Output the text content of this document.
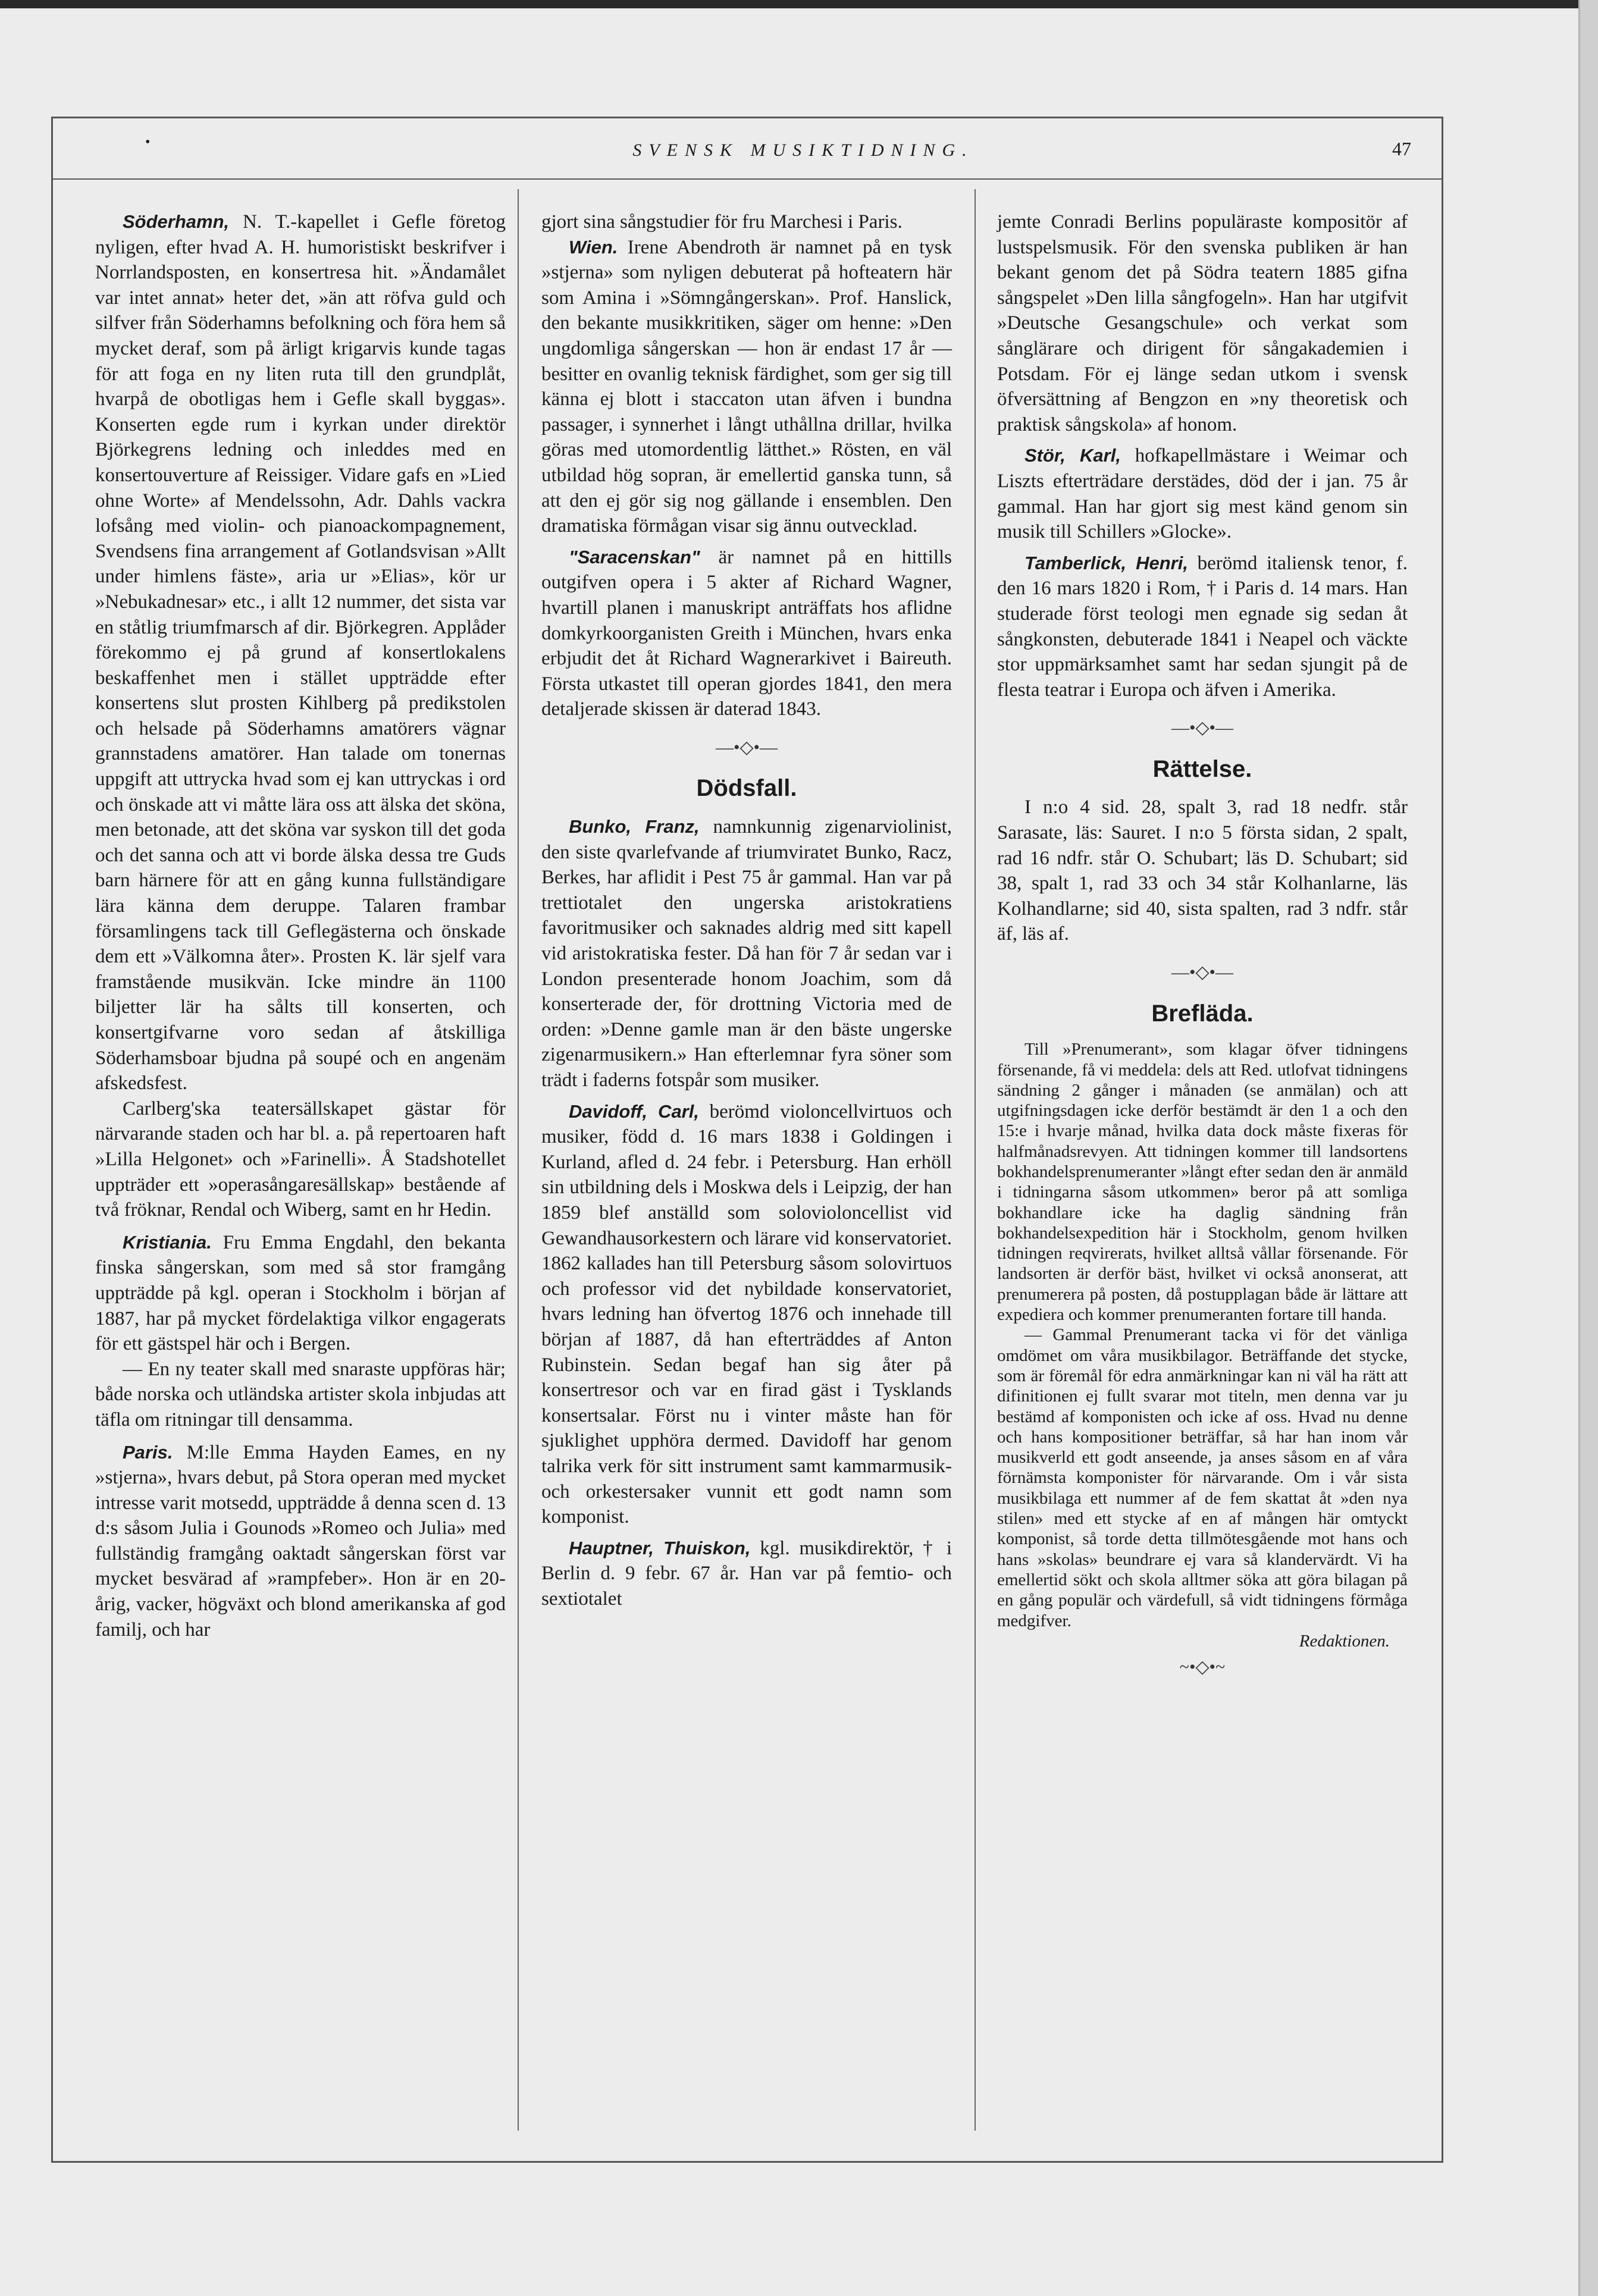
•	SVENSK MUSIKTIDNING.	47

Söderhamn, N. T.-kapellet i Gefle företog nyligen, efter hvad A. H. humoristiskt beskrifver i Norrlandsposten, en konsertresa hit. »Ändamålet var intet annat» heter det, »än att röfva guld och silfver från Söderhamns befolkning och föra hem så mycket deraf, som på ärligt krigarvis kunde tagas för att foga en ny liten ruta till den grundplåt, hvarpå de obotligas hem i Gefle skall byggas». Konserten egde rum i kyrkan under direktör Björkegrens ledning och inleddes med en konsertouverture af Reissiger. Vidare gafs en »Lied ohne Worte» af Mendelssohn, Adr. Dahls vackra lofsång med violin- och pianoackompagnement, Svendsens fina arrangement af Gotlandsvisan »Allt under himlens fäste», aria ur »Elias», kör ur »Nebukadnesar» etc., i allt 12 nummer, det sista var en ståtlig triumfmarsch af dir. Björkegren. Applåder förekommo ej på grund af konsertlokalens beskaffenhet men i stället uppträdde efter konsertens slut prosten Kihlberg på predikstolen och helsade på Söderhamns amatörers vägnar grannstadens amatörer. Han talade om tonernas uppgift att uttrycka hvad som ej kan uttryckas i ord och önskade att vi måtte lära oss att älska det sköna, men betonade, att det sköna var syskon till det goda och det sanna och att vi borde älska dessa tre Guds barn härnere för att en gång kunna fullständigare lära känna dem deruppe. Talaren frambar församlingens tack till Geflegästerna och önskade dem ett »Välkomna åter». Prosten K. lär sjelf vara framstående musikvän. Icke mindre än 1100 biljetter lär ha sålts till konserten, och konsertgifvarne voro sedan af åtskilliga Söderhamsboar bjudna på soupé och en angenäm afskedsfest.

Carlberg'ska teatersällskapet gästar för närvarande staden och har bl. a. på repertoaren haft »Lilla Helgonet» och »Farinelli». Å Stadshotellet uppträder ett »operasångaresällskap» bestående af två fröknar, Rendal och Wiberg, samt en hr Hedin.

Kristiania. Fru Emma Engdahl, den bekanta finska sångerskan, som med så stor framgång uppträdde på kgl. operan i Stockholm i början af 1887, har på mycket fördelaktiga vilkor engagerats för ett gästspel här och i Bergen.

— En ny teater skall med snaraste uppföras här; både norska och utländska artister skola inbjudas att täfla om ritningar till densamma.

Paris. M:lle Emma Hayden Eames, en ny »stjerna», hvars debut, på Stora operan med mycket intresse varit motsedd, uppträdde å denna scen d. 13 d:s såsom Julia i Gounods »Romeo och Julia» med fullständig framgång oaktadt sångerskan först var mycket besvärad af »rampfeber». Hon är en 20-årig, vacker, högväxt och blond amerikanska af god familj, och har

gjort sina sångstudier för fru Marchesi i Paris.

Wien. Irene Abendroth är namnet på en tysk »stjerna» som nyligen debuterat på hofteatern här som Amina i »Sömngångerskan». Prof. Hanslick, den bekante musikkritiken, säger om henne: »Den ungdomliga sångerskan — hon är endast 17 år — besitter en ovanlig teknisk färdighet, som ger sig till känna ej blott i staccaton utan äfven i bundna passager, i synnerhet i långt uthållna drillar, hvilka göras med utomordentlig lätthet.» Rösten, en väl utbildad hög sopran, är emellertid ganska tunn, så att den ej gör sig nog gällande i ensemblen. Den dramatiska förmågan visar sig ännu outvecklad.

"Saracenskan" är namnet på en hittills outgifven opera i 5 akter af Richard Wagner, hvartill planen i manuskript anträffats hos aflidne domkyrkoorganisten Greith i München, hvars enka erbjudit det åt Richard Wagnerarkivet i Baireuth. Första utkastet till operan gjordes 1841, den mera detaljerade skissen är daterad 1843.

—•◇•—
Dödsfall.

Bunko, Franz, namnkunnig zigenarviolinist, den siste qvarlefvande af triumviratet Bunko, Racz, Berkes, har aflidit i Pest 75 år gammal. Han var på trettiotalet den ungerska aristokratiens favoritmusiker och saknades aldrig med sitt kapell vid aristokratiska fester. Då han för 7 år sedan var i London presenterade honom Joachim, som då konserterade der, för drottning Victoria med de orden: »Denne gamle man är den bäste ungerske zigenarmusikern.» Han efterlemnar fyra söner som trädt i faderns fotspår som musiker.

Davidoff, Carl, berömd violoncellvirtuos och musiker, född d. 16 mars 1838 i Goldingen i Kurland, afled d. 24 febr. i Petersburg. Han erhöll sin utbildning dels i Moskwa dels i Leipzig, der han 1859 blef anställd som solovioloncellist vid Gewandhausorkestern och lärare vid konservatoriet. 1862 kallades han till Petersburg såsom solovirtuos och professor vid det nybildade konservatoriet, hvars ledning han öfvertog 1876 och innehade till början af 1887, då han efterträddes af Anton Rubinstein. Sedan begaf han sig åter på konsertresor och var en firad gäst i Tysklands konsertsalar. Först nu i vinter måste han för sjuklighet upphöra dermed. Davidoff har genom talrika verk för sitt instrument samt kammarmusik- och orkestersaker vunnit ett godt namn som komponist.

Hauptner, Thuiskon, kgl. musikdirektör, † i Berlin d. 9 febr. 67 år. Han var på femtio- och sextiotalet

jemte Conradi Berlins populäraste kompositör af lustspelsmusik. För den svenska publiken är han bekant genom det på Södra teatern 1885 gifna sångspelet »Den lilla sångfogeln». Han har utgifvit »Deutsche Gesangschule» och verkat som sånglärare och dirigent för sångakademien i Potsdam. För ej länge sedan utkom i svensk öfversättning af Bengzon en »ny theoretisk och praktisk sångskola» af honom.

Stör, Karl, hofkapellmästare i Weimar och Liszts efterträdare derstädes, död der i jan. 75 år gammal. Han har gjort sig mest känd genom sin musik till Schillers »Glocke».

Tamberlick, Henri, berömd italiensk tenor, f. den 16 mars 1820 i Rom, † i Paris d. 14 mars. Han studerade först teologi men egnade sig sedan åt sångkonsten, debuterade 1841 i Neapel och väckte stor uppmärksamhet samt har sedan sjungit på de flesta teatrar i Europa och äfven i Amerika.

—•◇•—
Rättelse.

I n:o 4 sid. 28, spalt 3, rad 18 nedfr. står Sarasate, läs: Sauret. I n:o 5 första sidan, 2 spalt, rad 16 ndfr. står O. Schubart; läs D. Schubart; sid 38, spalt 1, rad 33 och 34 står Kolhanlarne, läs Kolhandlarne; sid 40, sista spalten, rad 3 ndfr. står äf, läs af.

—•◇•—
Brefläda.

Till »Prenumerant», som klagar öfver tidningens försenande, få vi meddela: dels att Red. utlofvat tidningens sändning 2 gånger i månaden (se anmälan) och att utgifningsdagen icke derför bestämdt är den 1 a och den 15:e i hvarje månad, hvilka data dock måste fixeras för halfmånadsrevyen. Att tidningen kommer till landsortens bokhandelsprenumeranter »långt efter sedan den är anmäld i tidningarna såsom utkommen» beror på att somliga bokhandlare icke ha daglig sändning från bokhandelsexpedition här i Stockholm, genom hvilken tidningen reqvirerats, hvilket alltså vållar försenande. För landsorten är derför bäst, hvilket vi också anonserat, att prenumerera på posten, då postupplagan både är lättare att expediera och kommer prenumeranten fortare till handa.

— Gammal Prenumerant tacka vi för det vänliga omdömet om våra musikbilagor. Beträffande det stycke, som är föremål för edra anmärkningar kan ni väl ha rätt att difinitionen ej fullt svarar mot titeln, men denna var ju bestämd af komponisten och icke af oss. Hvad nu denne och hans kompositioner beträffar, så har han inom vår musikverld ett godt anseende, ja anses såsom en af våra förnämsta komponister för närvarande. Om i vår sista musikbilaga ett nummer af de fem skattat åt »den nya stilen» med ett stycke af en af mången här omtyckt komponist, så torde detta tillmötesgående mot hans och hans »skolas» beundrare ej vara så klandervärdt. Vi ha emellertid sökt och skola alltmer söka att göra bilagan på en gång populär och värdefull, så vidt tidningens förmåga medgifver.

Redaktionen.

~•◇•~
